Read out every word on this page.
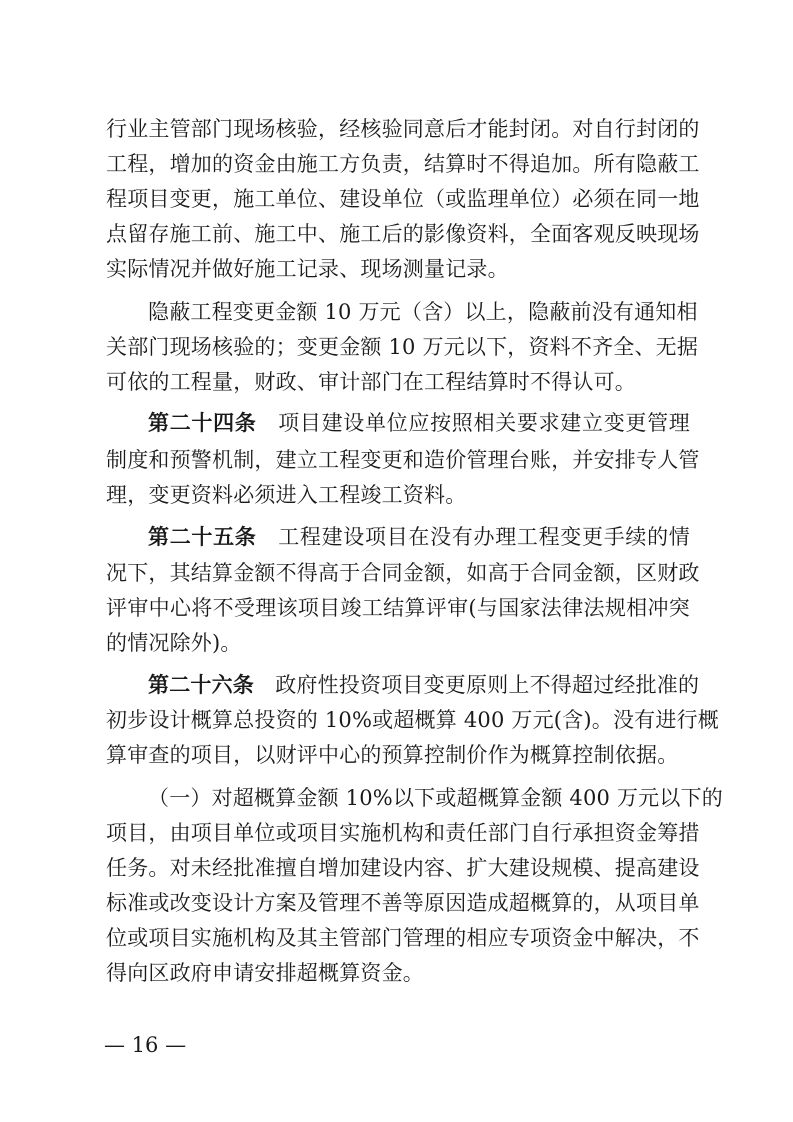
行业主管部门现场核验，经核验同意后才能封闭。对自行封闭的
工程，增加的资金由施工方负责，结算时不得追加。所有隐蔽工
程项目变更，施工单位、建设单位（或监理单位）必须在同一地
点留存施工前、施工中、施工后的影像资料，全面客观反映现场
实际情况并做好施工记录、现场测量记录。
隐蔽工程变更金额 10 万元（含）以上，隐蔽前没有通知相
关部门现场核验的；变更金额 10 万元以下，资料不齐全、无据
可依的工程量，财政、审计部门在工程结算时不得认可。
第二十四条　项目建设单位应按照相关要求建立变更管理
制度和预警机制，建立工程变更和造价管理台账，并安排专人管
理，变更资料必须进入工程竣工资料。
第二十五条　工程建设项目在没有办理工程变更手续的情
况下，其结算金额不得高于合同金额，如高于合同金额，区财政
评审中心将不受理该项目竣工结算评审(与国家法律法规相冲突
的情况除外)。
第二十六条　政府性投资项目变更原则上不得超过经批准的
初步设计概算总投资的 10%或超概算 400 万元(含)。没有进行概
算审查的项目，以财评中心的预算控制价作为概算控制依据。
（一）对超概算金额 10%以下或超概算金额 400 万元以下的
项目，由项目单位或项目实施机构和责任部门自行承担资金筹措
任务。对未经批准擅自增加建设内容、扩大建设规模、提高建设
标准或改变设计方案及管理不善等原因造成超概算的，从项目单
位或项目实施机构及其主管部门管理的相应专项资金中解决，不
得向区政府申请安排超概算资金。
— 16 —
